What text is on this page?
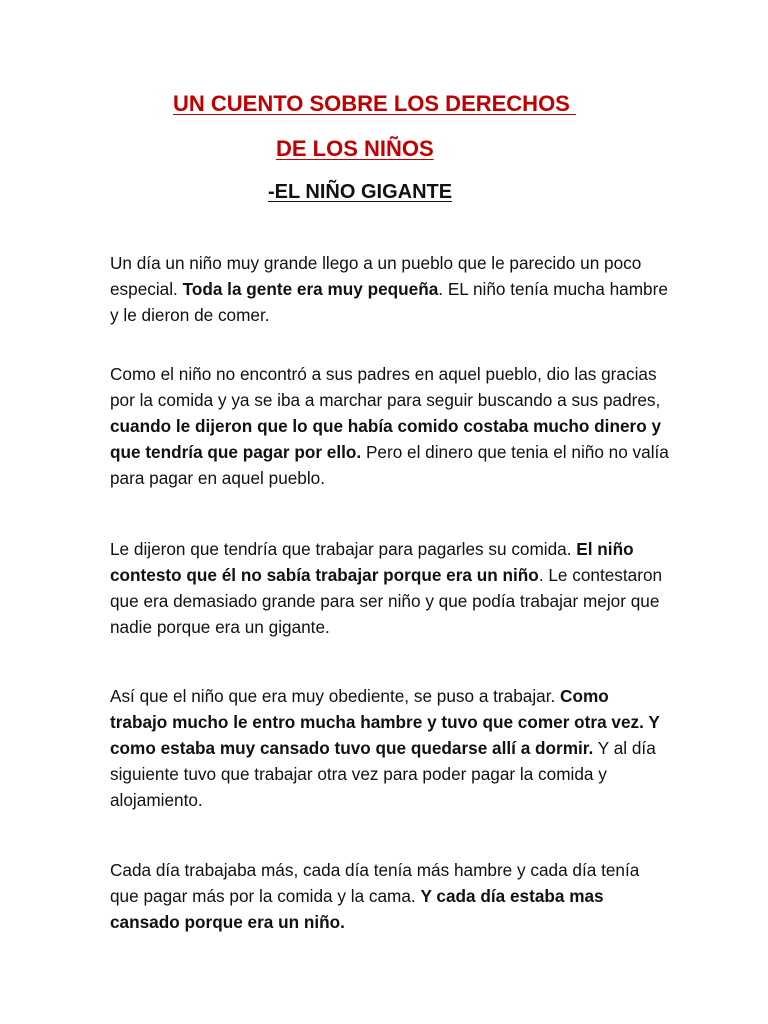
UN CUENTO SOBRE LOS DERECHOS
DE LOS NIÑOS
-EL NIÑO GIGANTE

Un día un niño muy grande llego a un pueblo que le parecido un poco especial. Toda la gente era muy pequeña. EL niño tenía mucha hambre y le dieron de comer.

Como el niño no encontró a sus padres en aquel pueblo, dio las gracias por la comida y ya se iba a marchar para seguir buscando a sus padres, cuando le dijeron que lo que había comido costaba mucho dinero y que tendría que pagar por ello. Pero el dinero que tenia el niño no valía para pagar en aquel pueblo.

Le dijeron que tendría que trabajar para pagarles su comida. El niño contesto que él no sabía trabajar porque era un niño. Le contestaron que era demasiado grande para ser niño y que podía trabajar mejor que nadie porque era un gigante.

Así que el niño que era muy obediente, se puso a trabajar. Como trabajo mucho le entro mucha hambre y tuvo que comer otra vez. Y como estaba muy cansado tuvo que quedarse allí a dormir. Y al día siguiente tuvo que trabajar otra vez para poder pagar la comida y alojamiento.

Cada día trabajaba más, cada día tenía más hambre y cada día tenía que pagar más por la comida y la cama. Y cada día estaba mas cansado porque era un niño.
